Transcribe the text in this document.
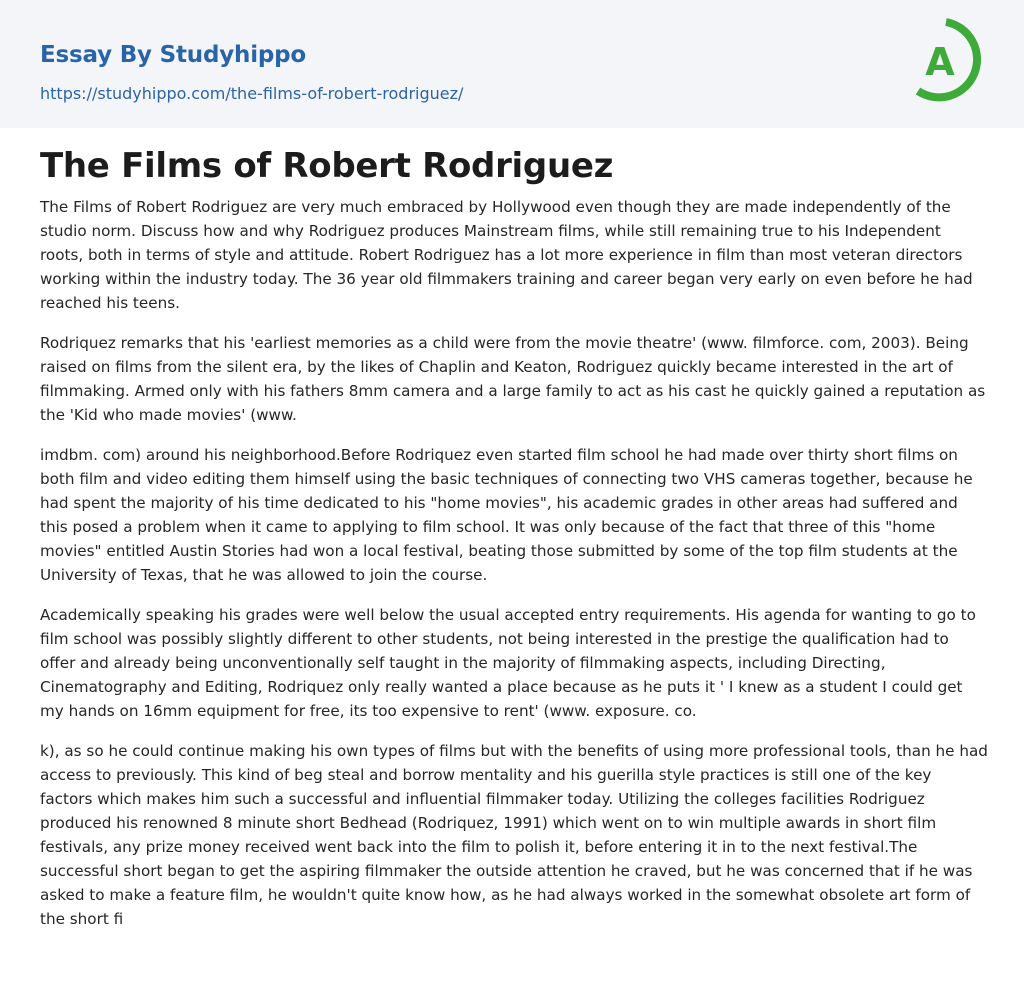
Essay By Studyhippo
https://studyhippo.com/the-films-of-robert-rodriguez/
A
The Films of Robert Rodriguez

The Films of Robert Rodriguez are very much embraced by Hollywood even though they are made independently of the studio norm. Discuss how and why Rodriguez produces Mainstream films, while still remaining true to his Independent roots, both in terms of style and attitude. Robert Rodriguez has a lot more experience in film than most veteran directors working within the industry today. The 36 year old filmmakers training and career began very early on even before he had reached his teens.

Rodriquez remarks that his 'earliest memories as a child were from the movie theatre' (www. filmforce. com, 2003). Being raised on films from the silent era, by the likes of Chaplin and Keaton, Rodriguez quickly became interested in the art of filmmaking. Armed only with his fathers 8mm camera and a large family to act as his cast he quickly gained a reputation as the 'Kid who made movies' (www.

imdbm. com) around his neighborhood.Before Rodriquez even started film school he had made over thirty short films on both film and video editing them himself using the basic techniques of connecting two VHS cameras together, because he had spent the majority of his time dedicated to his "home movies", his academic grades in other areas had suffered and this posed a problem when it came to applying to film school. It was only because of the fact that three of this "home movies" entitled Austin Stories had won a local festival, beating those submitted by some of the top film students at the University of Texas, that he was allowed to join the course.

Academically speaking his grades were well below the usual accepted entry requirements. His agenda for wanting to go to film school was possibly slightly different to other students, not being interested in the prestige the qualification had to offer and already being unconventionally self taught in the majority of filmmaking aspects, including Directing, Cinematography and Editing, Rodriquez only really wanted a place because as he puts it ' I knew as a student I could get my hands on 16mm equipment for free, its too expensive to rent' (www. exposure. co.

k), as so he could continue making his own types of films but with the benefits of using more professional tools, than he had access to previously. This kind of beg steal and borrow mentality and his guerilla style practices is still one of the key factors which makes him such a successful and influential filmmaker today. Utilizing the colleges facilities Rodriguez produced his renowned 8 minute short Bedhead (Rodriquez, 1991) which went on to win multiple awards in short film festivals, any prize money received went back into the film to polish it, before entering it in to the next festival.The successful short began to get the aspiring filmmaker the outside attention he craved, but he was concerned that if he was asked to make a feature film, he wouldn't quite know how, as he had always worked in the somewhat obsolete art form of the short fi
